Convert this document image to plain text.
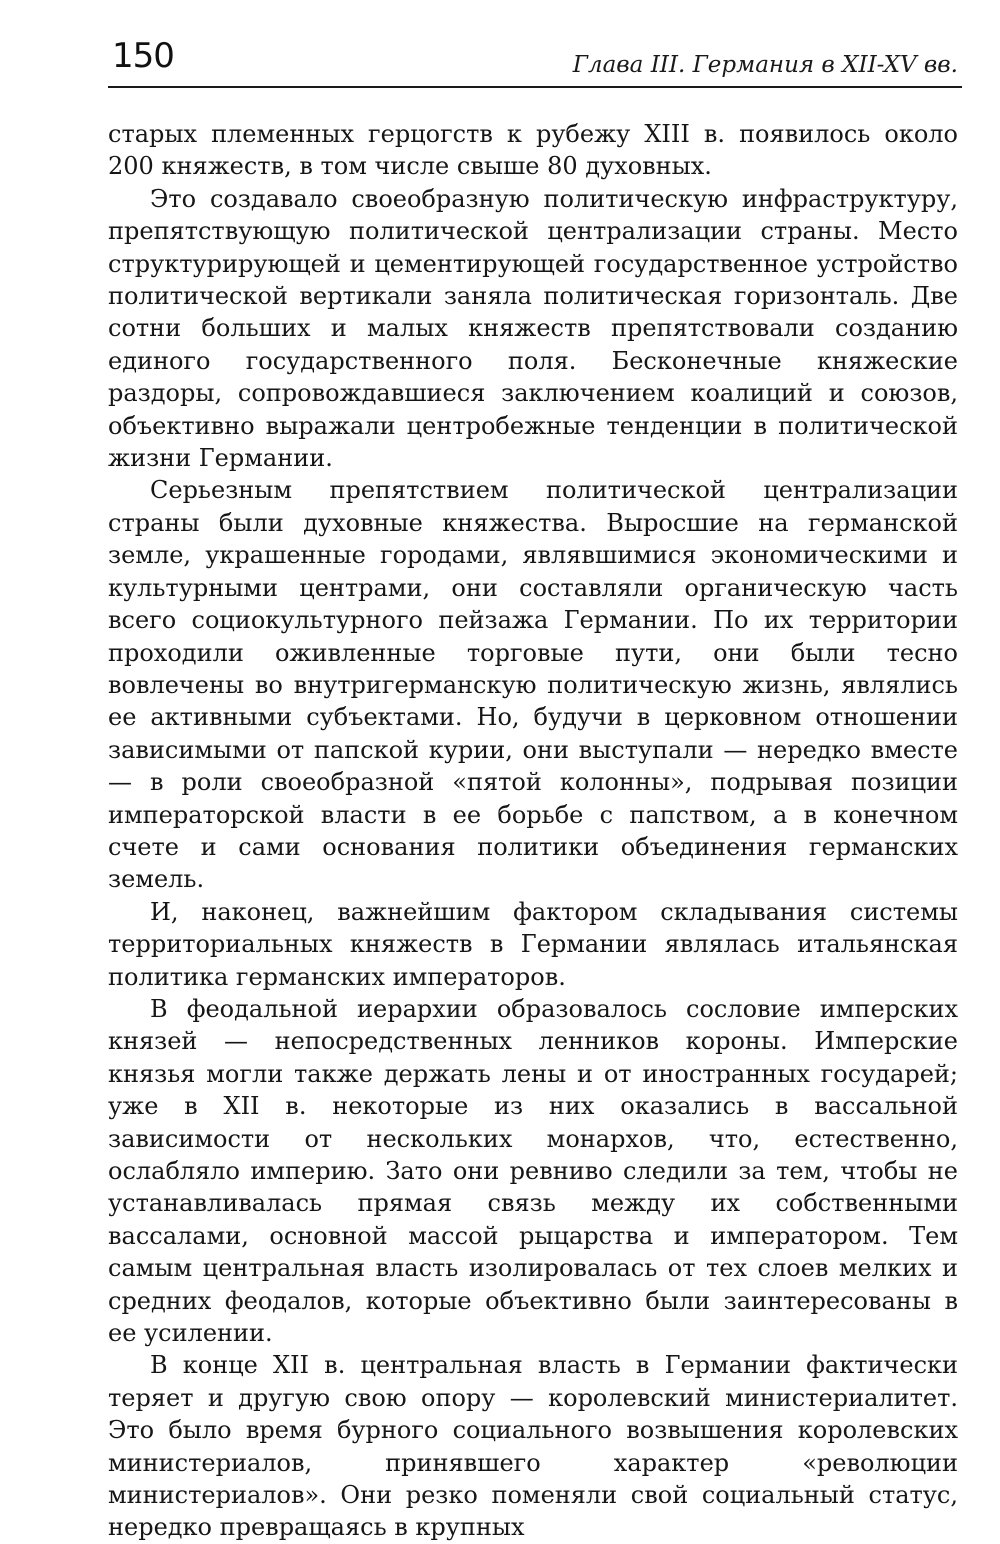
150	Глава III. Германия в XII-XV вв.

старых племенных герцогств к рубежу XIII в. появилось около 200 княжеств, в том числе свыше 80 духовных.

Это создавало своеобразную политическую инфраструктуру, препятствующую политической централизации страны. Место структурирующей и цементирующей государственное устройство политической вертикали заняла политическая горизонталь. Две сотни больших и малых княжеств препятствовали созданию единого государственного поля. Бесконечные княжеские раздоры, сопровождавшиеся заключением коалиций и союзов, объективно выражали центробежные тенденции в политической жизни Германии.

Серьезным препятствием политической централизации страны были духовные княжества. Выросшие на германской земле, украшенные городами, являвшимися экономическими и культурными центрами, они составляли органическую часть всего социокультурного пейзажа Германии. По их территории проходили оживленные торговые пути, они были тесно вовлечены во внутригерманскую политическую жизнь, являлись ее активными субъектами. Но, будучи в церковном отношении зависимыми от папской курии, они выступали — нередко вместе — в роли своеобразной «пятой колонны», подрывая позиции императорской власти в ее борьбе с папством, а в конечном счете и сами основания политики объединения германских земель.

И, наконец, важнейшим фактором складывания системы территориальных княжеств в Германии являлась итальянская политика германских императоров.

В феодальной иерархии образовалось сословие имперских князей — непосредственных ленников короны. Имперские князья могли также держать лены и от иностранных государей; уже в XII в. некоторые из них оказались в вассальной зависимости от нескольких монархов, что, естественно, ослабляло империю. Зато они ревниво следили за тем, чтобы не устанавливалась прямая связь между их собственными вассалами, основной массой рыцарства и императором. Тем самым центральная власть изолировалась от тех слоев мелких и средних феодалов, которые объективно были заинтересованы в ее усилении.

В конце XII в. центральная власть в Германии фактически теряет и другую свою опору — королевский министериалитет. Это было время бурного социального возвышения королевских министериалов, принявшего характер «революции министериалов». Они резко поменяли свой социальный статус, нередко превращаясь в крупных
